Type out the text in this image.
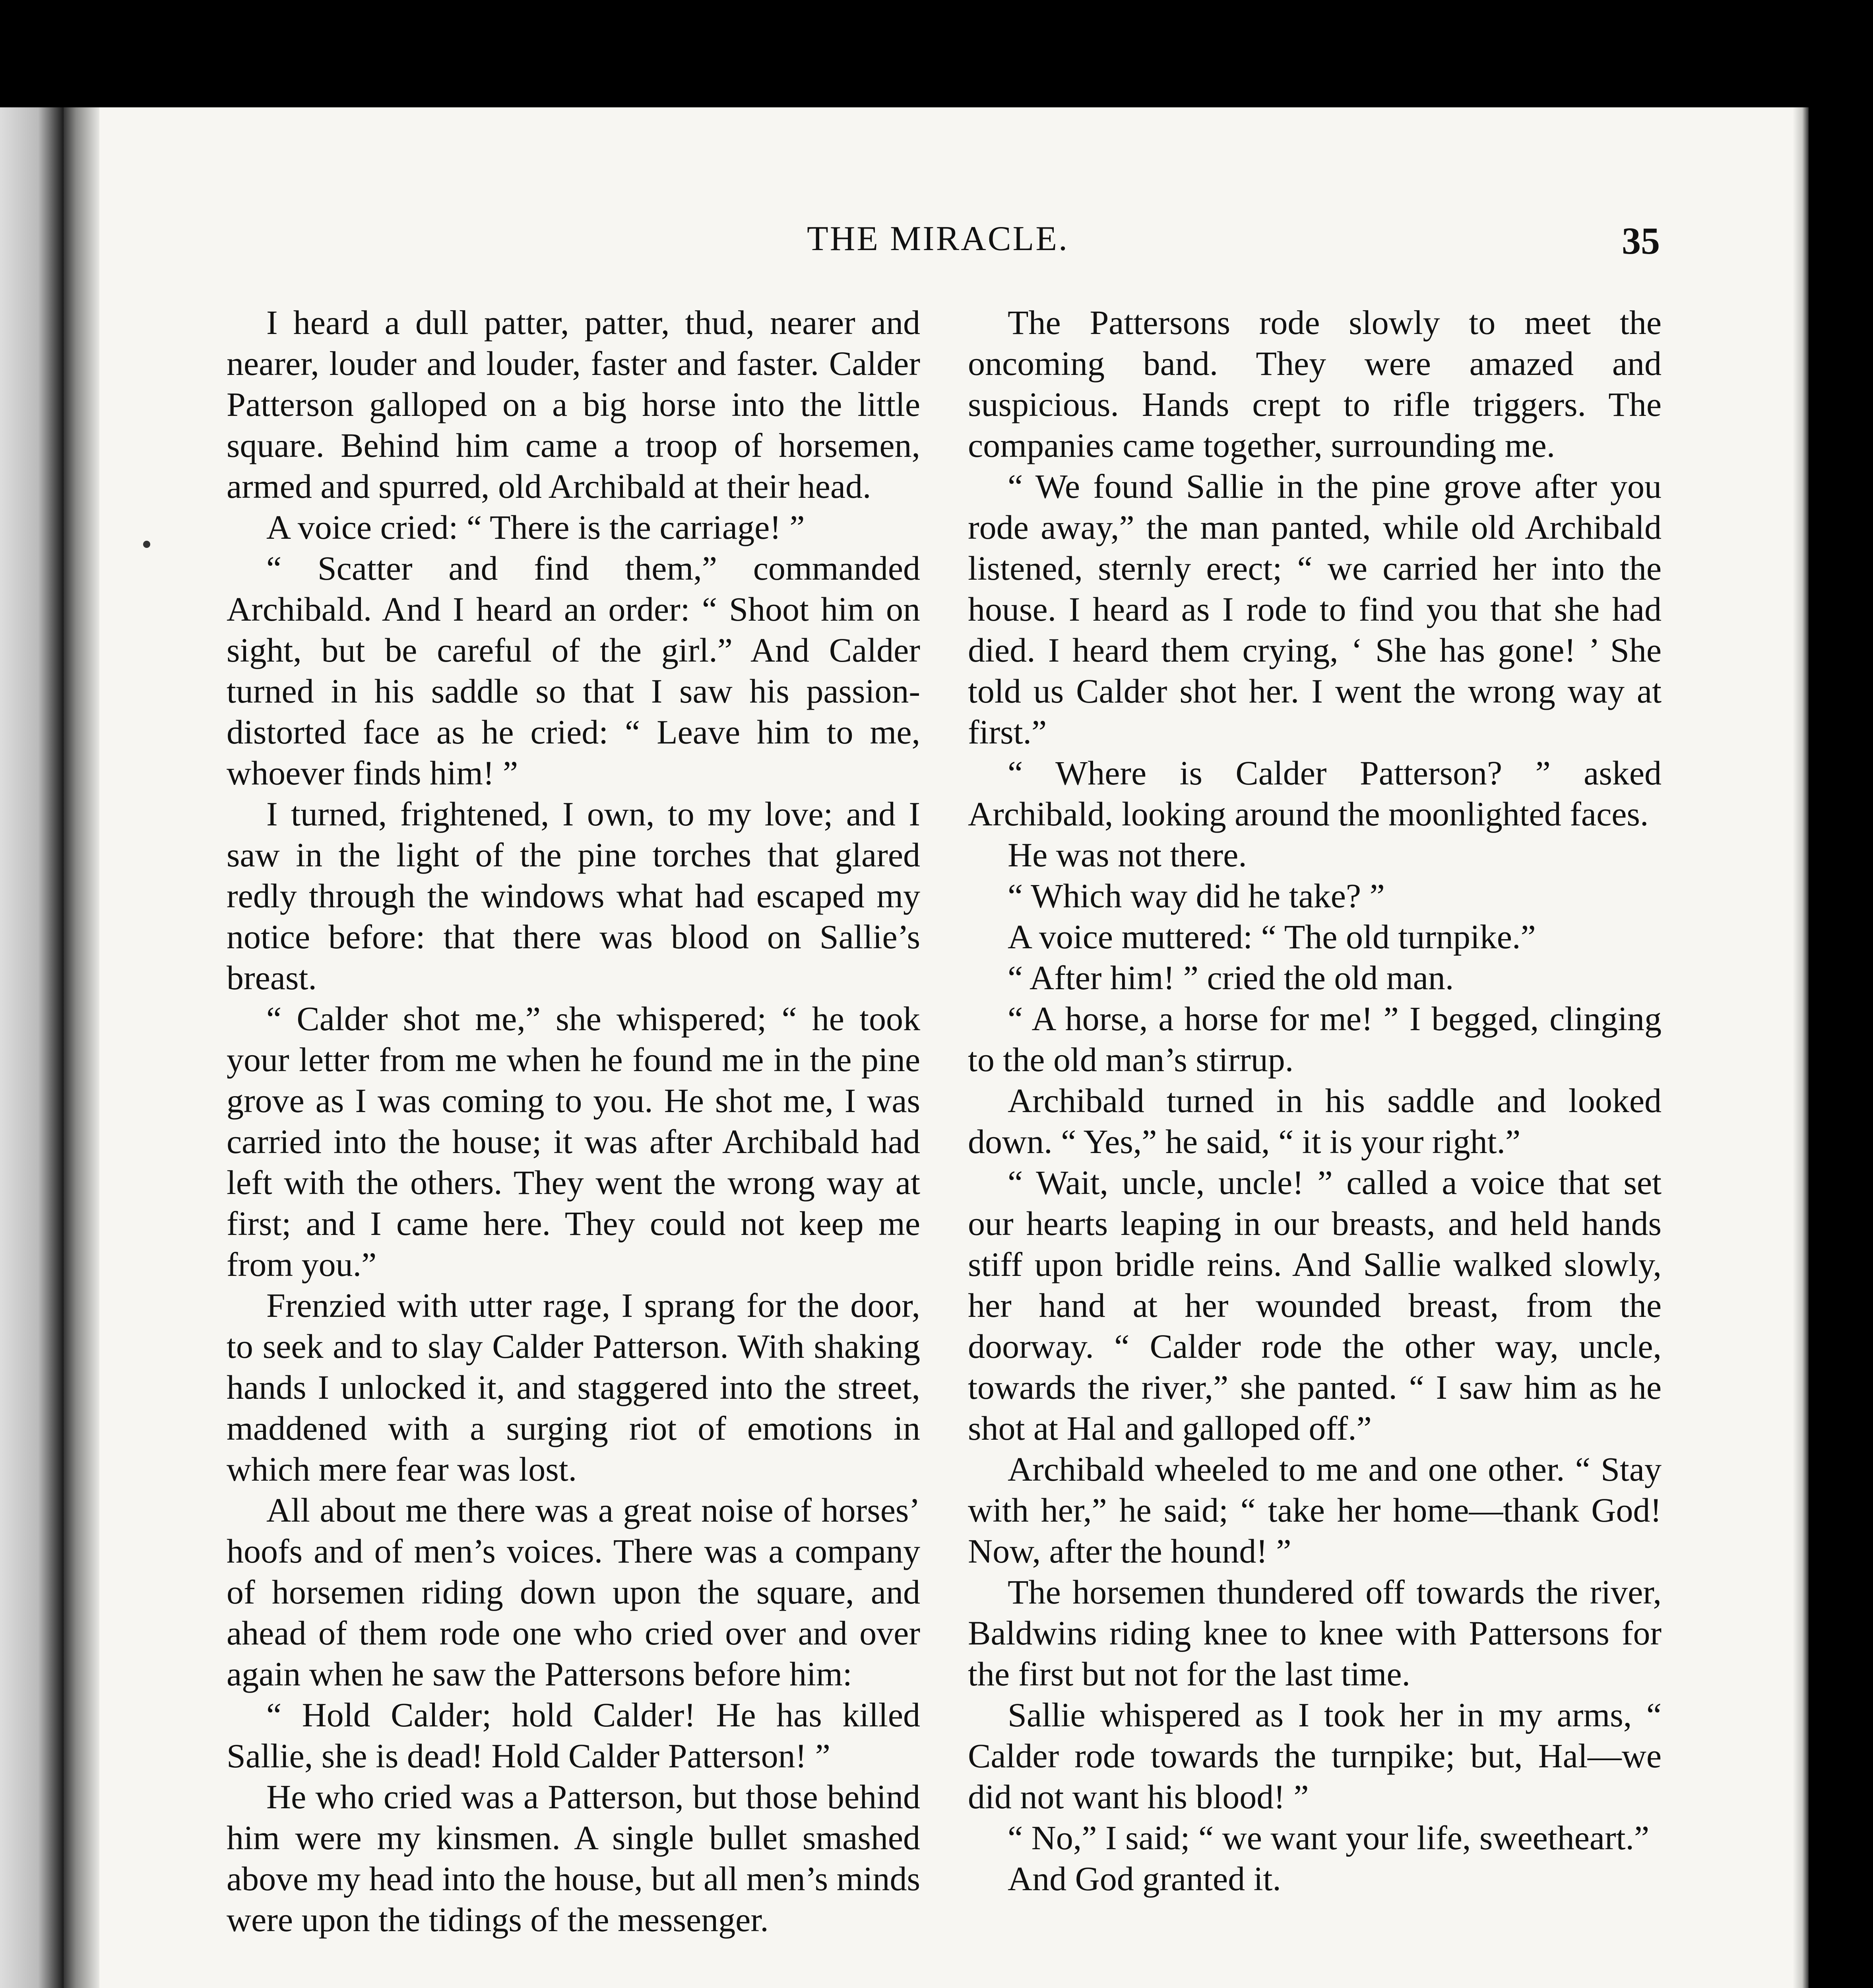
THE MIRACLE.	35

I heard a dull patter, patter, thud, nearer and nearer, louder and louder, faster and faster. Calder Patterson galloped on a big horse into the little square. Behind him came a troop of horsemen, armed and spurred, old Archibald at their head.

A voice cried: “ There is the carriage! ”

“ Scatter and find them,” commanded Archibald. And I heard an order: “ Shoot him on sight, but be careful of the girl.” And Calder turned in his saddle so that I saw his passion-distorted face as he cried: “ Leave him to me, whoever finds him! ”

I turned, frightened, I own, to my love; and I saw in the light of the pine torches that glared redly through the windows what had escaped my notice before: that there was blood on Sallie’s breast.

“ Calder shot me,” she whispered; “ he took your letter from me when he found me in the pine grove as I was coming to you. He shot me, I was carried into the house; it was after Archibald had left with the others. They went the wrong way at first; and I came here. They could not keep me from you.”

Frenzied with utter rage, I sprang for the door, to seek and to slay Calder Patterson. With shaking hands I unlocked it, and staggered into the street, maddened with a surging riot of emotions in which mere fear was lost.

All about me there was a great noise of horses’ hoofs and of men’s voices. There was a company of horsemen riding down upon the square, and ahead of them rode one who cried over and over again when he saw the Pattersons before him:

“ Hold Calder; hold Calder! He has killed Sallie, she is dead! Hold Calder Patterson! ”

He who cried was a Patterson, but those behind him were my kinsmen. A single bullet smashed above my head into the house, but all men’s minds were upon the tidings of the messenger.

The Pattersons rode slowly to meet the oncoming band. They were amazed and suspicious. Hands crept to rifle triggers. The companies came together, surrounding me.

“ We found Sallie in the pine grove after you rode away,” the man panted, while old Archibald listened, sternly erect; “ we carried her into the house. I heard as I rode to find you that she had died. I heard them crying, ‘ She has gone! ’ She told us Calder shot her. I went the wrong way at first.”

“ Where is Calder Patterson? ” asked Archibald, looking around the moonlighted faces.

He was not there.

“ Which way did he take? ”

A voice muttered: “ The old turnpike.”

“ After him! ” cried the old man.

“ A horse, a horse for me! ” I begged, clinging to the old man’s stirrup.

Archibald turned in his saddle and looked down. “ Yes,” he said, “ it is your right.”

“ Wait, uncle, uncle! ” called a voice that set our hearts leaping in our breasts, and held hands stiff upon bridle reins. And Sallie walked slowly, her hand at her wounded breast, from the doorway. “ Calder rode the other way, uncle, towards the river,” she panted. “ I saw him as he shot at Hal and galloped off.”

Archibald wheeled to me and one other. “ Stay with her,” he said; “ take her home—thank God! Now, after the hound! ”

The horsemen thundered off towards the river, Baldwins riding knee to knee with Pattersons for the first but not for the last time.

Sallie whispered as I took her in my arms, “ Calder rode towards the turnpike; but, Hal—we did not want his blood! ”

“ No,” I said; “ we want your life, sweetheart.”

And God granted it.
